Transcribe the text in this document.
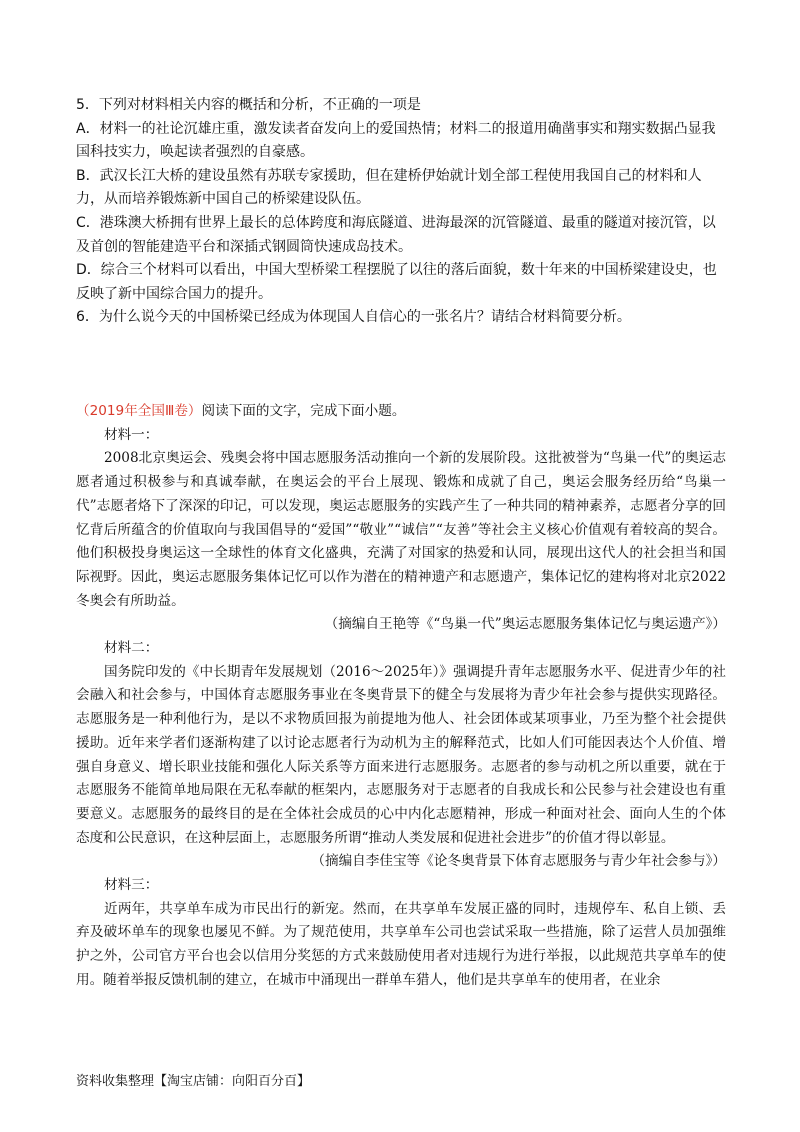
5．下列对材料相关内容的概括和分析，不正确的一项是

A．材料一的社论沉雄庄重，激发读者奋发向上的爱国热情；材料二的报道用确凿事实和翔实数据凸显我国科技实力，唤起读者强烈的自豪感。

B．武汉长江大桥的建设虽然有苏联专家援助，但在建桥伊始就计划全部工程使用我国自己的材料和人力，从而培养锻炼新中国自己的桥梁建设队伍。

C．港珠澳大桥拥有世界上最长的总体跨度和海底隧道、进海最深的沉管隧道、最重的隧道对接沉管，以及首创的智能建造平台和深插式钢圆筒快速成岛技术。

D．综合三个材料可以看出，中国大型桥梁工程摆脱了以往的落后面貌，数十年来的中国桥梁建设史，也反映了新中国综合国力的提升。

6．为什么说今天的中国桥梁已经成为体现国人自信心的一张名片？请结合材料简要分析。

（2019年全国Ⅲ卷）阅读下面的文字，完成下面小题。

材料一：

2008北京奥运会、残奥会将中国志愿服务活动推向一个新的发展阶段。这批被誉为“鸟巢一代”的奥运志愿者通过积极参与和真诚奉献，在奥运会的平台上展现、锻炼和成就了自己，奥运会服务经历给“鸟巢一代”志愿者烙下了深深的印记，可以发现，奥运志愿服务的实践产生了一种共同的精神素养，志愿者分享的回忆背后所蕴含的价值取向与我国倡导的“爱国”“敬业”“诚信”“友善”等社会主义核心价值观有着较高的契合。他们积极投身奥运这一全球性的体育文化盛典，充满了对国家的热爱和认同，展现出这代人的社会担当和国际视野。因此，奥运志愿服务集体记忆可以作为潜在的精神遗产和志愿遗产，集体记忆的建构将对北京2022冬奥会有所助益。

（摘编自王艳等《“鸟巢一代”奥运志愿服务集体记忆与奥运遗产》）

材料二：

国务院印发的《中长期青年发展规划（2016～2025年）》强调提升青年志愿服务水平、促进青少年的社会融入和社会参与，中国体育志愿服务事业在冬奥背景下的健全与发展将为青少年社会参与提供实现路径。志愿服务是一种利他行为，是以不求物质回报为前提地为他人、社会团体或某项事业，乃至为整个社会提供援助。近年来学者们逐渐构建了以讨论志愿者行为动机为主的解释范式，比如人们可能因表达个人价值、增强自身意义、增长职业技能和强化人际关系等方面来进行志愿服务。志愿者的参与动机之所以重要，就在于志愿服务不能简单地局限在无私奉献的框架内，志愿服务对于志愿者的自我成长和公民参与社会建设也有重要意义。志愿服务的最终目的是在全体社会成员的心中内化志愿精神，形成一种面对社会、面向人生的个体态度和公民意识，在这种层面上，志愿服务所谓“推动人类发展和促进社会进步”的价值才得以彰显。

（摘编自李佳宝等《论冬奥背景下体育志愿服务与青少年社会参与》）

材料三：

近两年，共享单车成为市民出行的新宠。然而，在共享单车发展正盛的同时，违规停车、私自上锁、丢弃及破坏单车的现象也屡见不鲜。为了规范使用，共享单车公司也尝试采取一些措施，除了运营人员加强维护之外，公司官方平台也会以信用分奖惩的方式来鼓励使用者对违规行为进行举报，以此规范共享单车的使用。随着举报反馈机制的建立，在城市中涌现出一群单车猎人，他们是共享单车的使用者，在业余

资料收集整理【淘宝店铺：向阳百分百】
